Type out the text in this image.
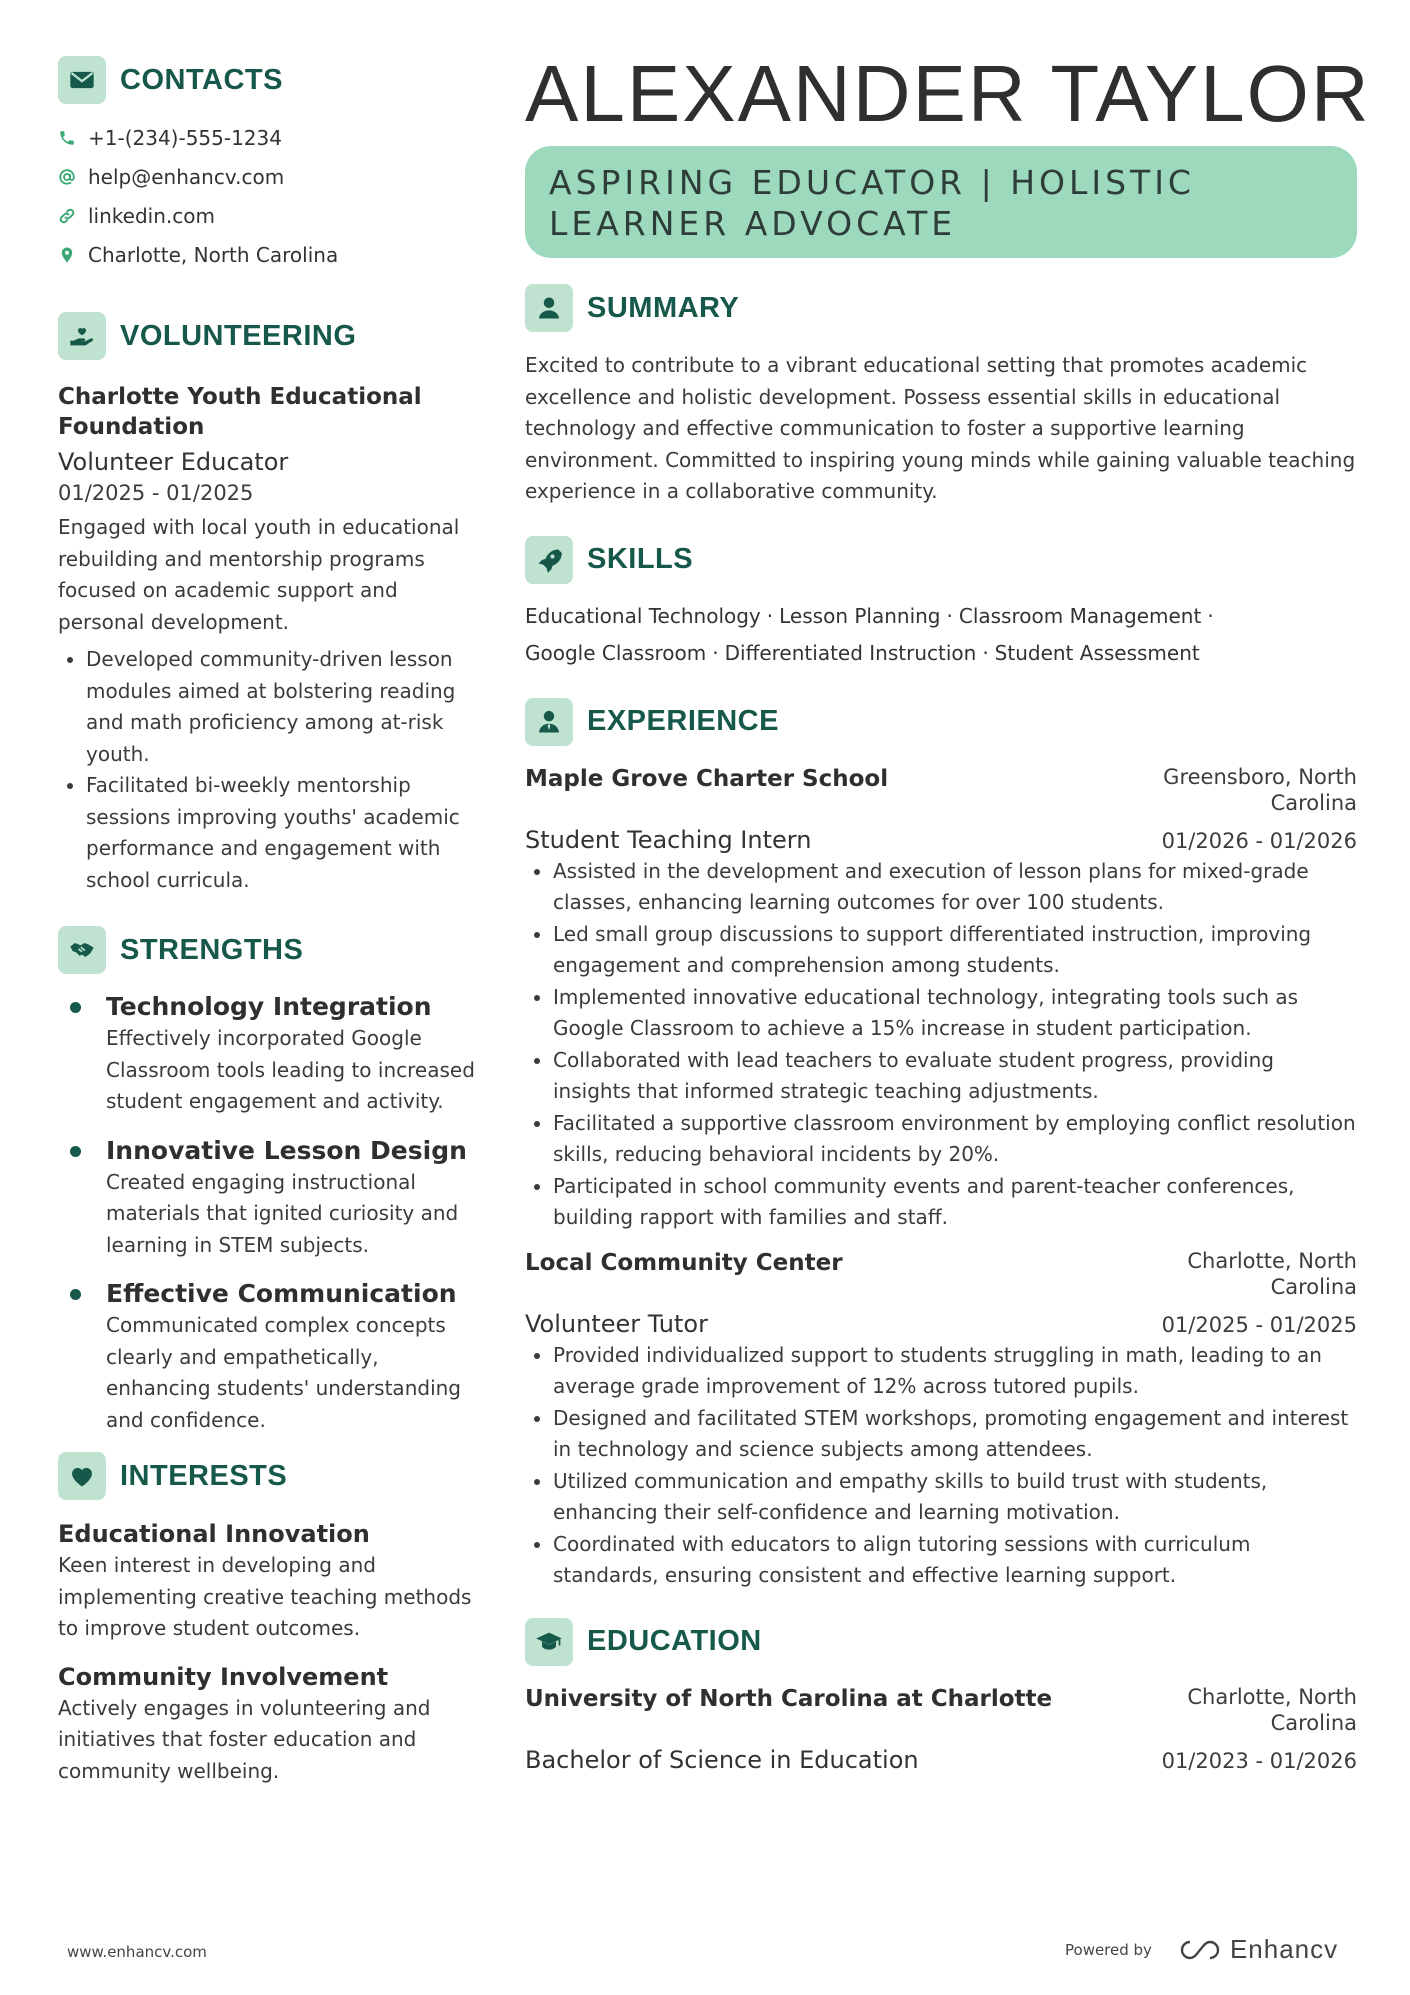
CONTACTS
+1-(234)-555-1234
help@enhancv.com
linkedin.com
Charlotte, North Carolina
VOLUNTEERING
Charlotte Youth Educational Foundation
Volunteer Educator
01/2025 - 01/2025
Engaged with local youth in educational rebuilding and mentorship programs focused on academic support and personal development.
Developed community-driven lesson modules aimed at bolstering reading and math proficiency among at-risk youth.
Facilitated bi-weekly mentorship sessions improving youths' academic performance and engagement with school curricula.
STRENGTHS
Technology Integration
Effectively incorporated Google Classroom tools leading to increased student engagement and activity.
Innovative Lesson Design
Created engaging instructional materials that ignited curiosity and learning in STEM subjects.
Effective Communication
Communicated complex concepts clearly and empathetically, enhancing students' understanding and confidence.
INTERESTS
Educational Innovation
Keen interest in developing and implementing creative teaching methods to improve student outcomes.
Community Involvement
Actively engages in volunteering and initiatives that foster education and community wellbeing.
ALEXANDER TAYLOR
ASPIRING EDUCATOR | HOLISTIC
LEARNER ADVOCATE
SUMMARY
Excited to contribute to a vibrant educational setting that promotes academic excellence and holistic development. Possess essential skills in educational technology and effective communication to foster a supportive learning environment. Committed to inspiring young minds while gaining valuable teaching experience in a collaborative community.
SKILLS
Educational Technology · Lesson Planning · Classroom Management ·
Google Classroom · Differentiated Instruction · Student Assessment
EXPERIENCE
Maple Grove Charter School	Greensboro, North Carolina
Student Teaching Intern	01/2026 - 01/2026
Assisted in the development and execution of lesson plans for mixed-grade classes, enhancing learning outcomes for over 100 students.
Led small group discussions to support differentiated instruction, improving engagement and comprehension among students.
Implemented innovative educational technology, integrating tools such as Google Classroom to achieve a 15% increase in student participation.
Collaborated with lead teachers to evaluate student progress, providing insights that informed strategic teaching adjustments.
Facilitated a supportive classroom environment by employing conflict resolution skills, reducing behavioral incidents by 20%.
Participated in school community events and parent-teacher conferences, building rapport with families and staff.
Local Community Center	Charlotte, North Carolina
Volunteer Tutor	01/2025 - 01/2025
Provided individualized support to students struggling in math, leading to an average grade improvement of 12% across tutored pupils.
Designed and facilitated STEM workshops, promoting engagement and interest in technology and science subjects among attendees.
Utilized communication and empathy skills to build trust with students, enhancing their self-confidence and learning motivation.
Coordinated with educators to align tutoring sessions with curriculum standards, ensuring consistent and effective learning support.
EDUCATION
University of North Carolina at Charlotte	Charlotte, North Carolina
Bachelor of Science in Education	01/2023 - 01/2026
www.enhancv.com	Powered by	Enhancv
